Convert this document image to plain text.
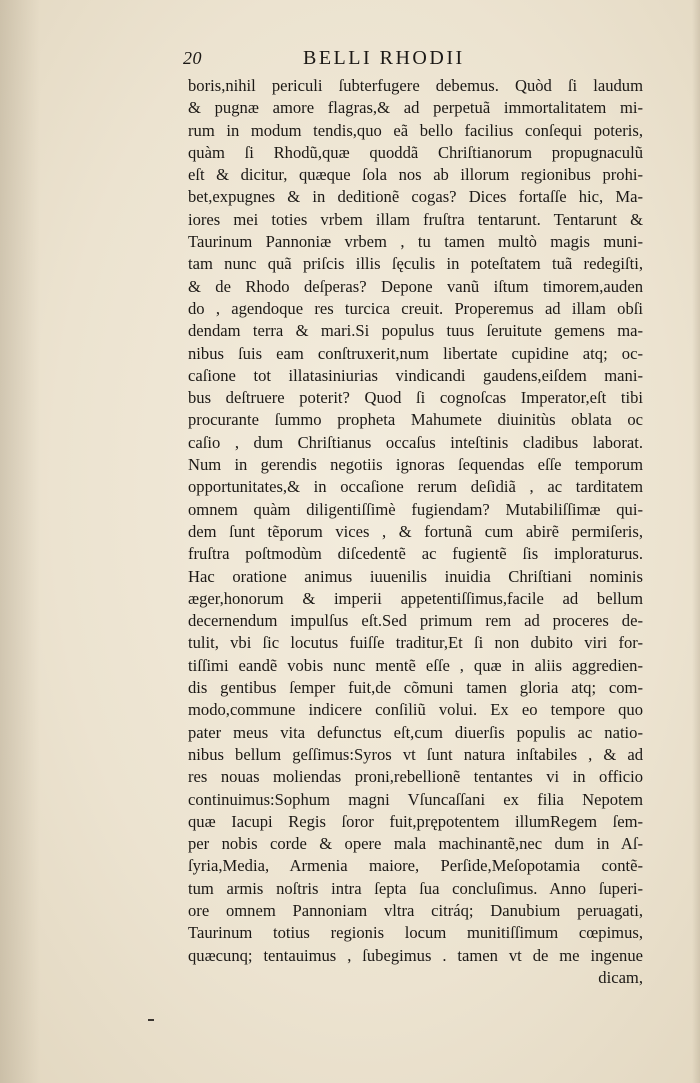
20	BELLI RHODII
boris,nihil periculi ſubterfugere debemus. Quòd ſi laudum
& pugnæ amore flagras,& ad perpetuã immortalitatem mi-
rum in modum tendis,quo eã bello facilius conſequi poteris,
quàm ſi Rhodũ,quæ quoddã Chriſtianorum propugnaculũ
eſt & dicitur, quæque ſola nos ab illorum regionibus prohi-
bet,expugnes & in deditionẽ cogas? Dices fortaſſe hic, Ma-
iores mei toties vrbem illam fruſtra tentarunt. Tentarunt &
Taurinum Pannoniæ vrbem , tu tamen multò magis muni-
tam nunc quã priſcis illis ſęculis in poteſtatem tuã redegiſti,
& de Rhodo deſperas? Depone vanũ iſtum timorem,auden
do , agendoque res turcica creuit. Properemus ad illam obſi
dendam terra & mari.Si populus tuus ſeruitute gemens ma-
nibus ſuis eam conſtruxerit,num libertate cupidine atq; oc-
caſione tot illatasiniurias vindicandi gaudens,eiſdem mani-
bus deſtruere poterit? Quod ſi cognoſcas Imperator,eſt tibi
procurante ſummo propheta Mahumete diuinitùs oblata oc
caſio , dum Chriſtianus occaſus inteſtinis cladibus laborat.
Num in gerendis negotiis ignoras ſequendas eſſe temporum
opportunitates,& in occaſione rerum deſidiã , ac tarditatem
omnem quàm diligentiſſimè fugiendam? Mutabiliſſimæ qui-
dem ſunt tẽporum vices , & fortunã cum abirẽ permiſeris,
fruſtra poſtmodùm diſcedentẽ ac fugientẽ ſis imploraturus.
Hac oratione animus iuuenilis inuidia Chriſtiani nominis
æger,honorum & imperii appetentiſſimus,facile ad bellum
decernendum impulſus eſt.Sed primum rem ad proceres de-
tulit, vbi ſic locutus fuiſſe traditur,Et ſi non dubito viri for-
tiſſimi eandẽ vobis nunc mentẽ eſſe , quæ in aliis aggredien-
dis gentibus ſemper fuit,de cõmuni tamen gloria atq; com-
modo,commune indicere conſiliũ volui. Ex eo tempore quo
pater meus vita defunctus eſt,cum diuerſis populis ac natio-
nibus bellum geſſimus:Syros vt ſunt natura inſtabiles , & ad
res nouas moliendas proni,rebellionẽ tentantes vi in officio
continuimus:Sophum magni Vſuncaſſani ex filia Nepotem
quæ Iacupi Regis ſoror fuit,prępotentem illumRegem ſem-
per nobis corde & opere mala machinantẽ,nec dum in Aſ-
ſyria,Media, Armenia maiore, Perſide,Meſopotamia contẽ-
tum armis noſtris intra ſepta ſua concluſimus. Anno ſuperi-
ore omnem Pannoniam vltra citráq; Danubium peruagati,
Taurinum totius regionis locum munitiſſimum cœpimus,
quæcunq; tentauimus , ſubegimus . tamen vt de me ingenue
dicam,
